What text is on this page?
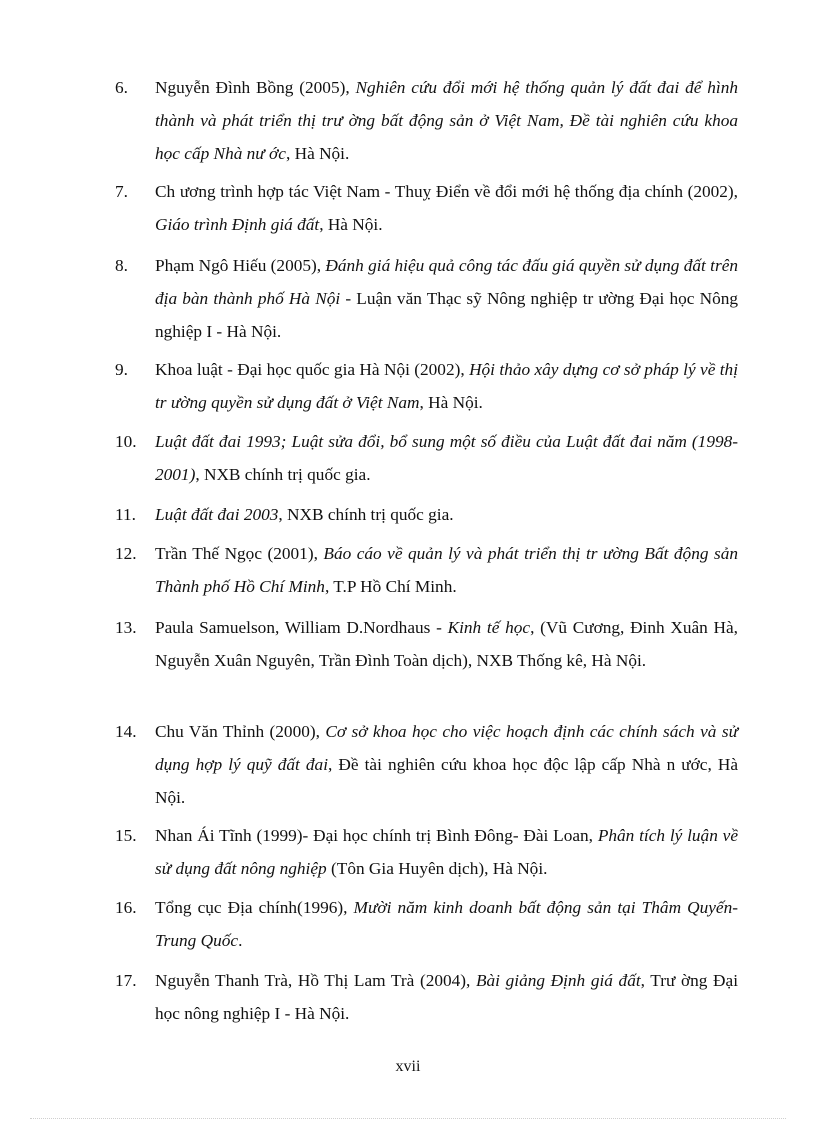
6. Nguyễn Đình Bồng (2005), Nghiên cứu đổi mới hệ thống quản lý đất đai để hình thành và phát triển thị trư ờng bất động sản ở Việt Nam, Đề tài nghiên cứu khoa học cấp Nhà nư ớc, Hà Nội.
7. Ch ương trình hợp tác Việt Nam - Thuỵ Điển về đổi mới hệ thống địa chính (2002), Giáo trình Định giá đất, Hà Nội.
8. Phạm Ngô Hiếu (2005), Đánh giá hiệu quả công tác đấu giá quyền sử dụng đất trên địa bàn thành phố Hà Nội - Luận văn Thạc sỹ Nông nghiệp tr ường Đại học Nông nghiệp I - Hà Nội.
9. Khoa luật - Đại học quốc gia Hà Nội (2002), Hội thảo xây dựng cơ sở pháp lý về thị tr ường quyền sử dụng đất ở Việt Nam, Hà Nội.
10. Luật đất đai 1993; Luật sửa đổi, bổ sung một số điều của Luật đất đai năm (1998-2001), NXB chính trị quốc gia.
11. Luật đất đai 2003, NXB chính trị quốc gia.
12. Trần Thế Ngọc (2001), Báo cáo về quản lý và phát triển thị tr ường Bất động sản Thành phố Hồ Chí Minh, T.P Hồ Chí Minh.
13. Paula Samuelson, William D.Nordhaus - Kinh tế học, (Vũ Cương, Đinh Xuân Hà, Nguyễn Xuân Nguyên, Trần Đình Toàn dịch), NXB Thống kê, Hà Nội.
14. Chu Văn Thỉnh (2000), Cơ sở khoa học cho việc hoạch định các chính sách và sử dụng hợp lý quỹ đất đai, Đề tài nghiên cứu khoa học độc lập cấp Nhà n ước, Hà Nội.
15. Nhan Ái Tĩnh (1999)- Đại học chính trị Bình Đông- Đài Loan, Phân tích lý luận về sử dụng đất nông nghiệp (Tôn Gia Huyên dịch), Hà Nội.
16. Tổng cục Địa chính(1996), Mười năm kinh doanh bất động sản tại Thâm Quyến-Trung Quốc.
17. Nguyễn Thanh Trà, Hồ Thị Lam Trà (2004), Bài giảng Định giá đất, Trư ờng Đại học nông nghiệp I - Hà Nội.
xvii
